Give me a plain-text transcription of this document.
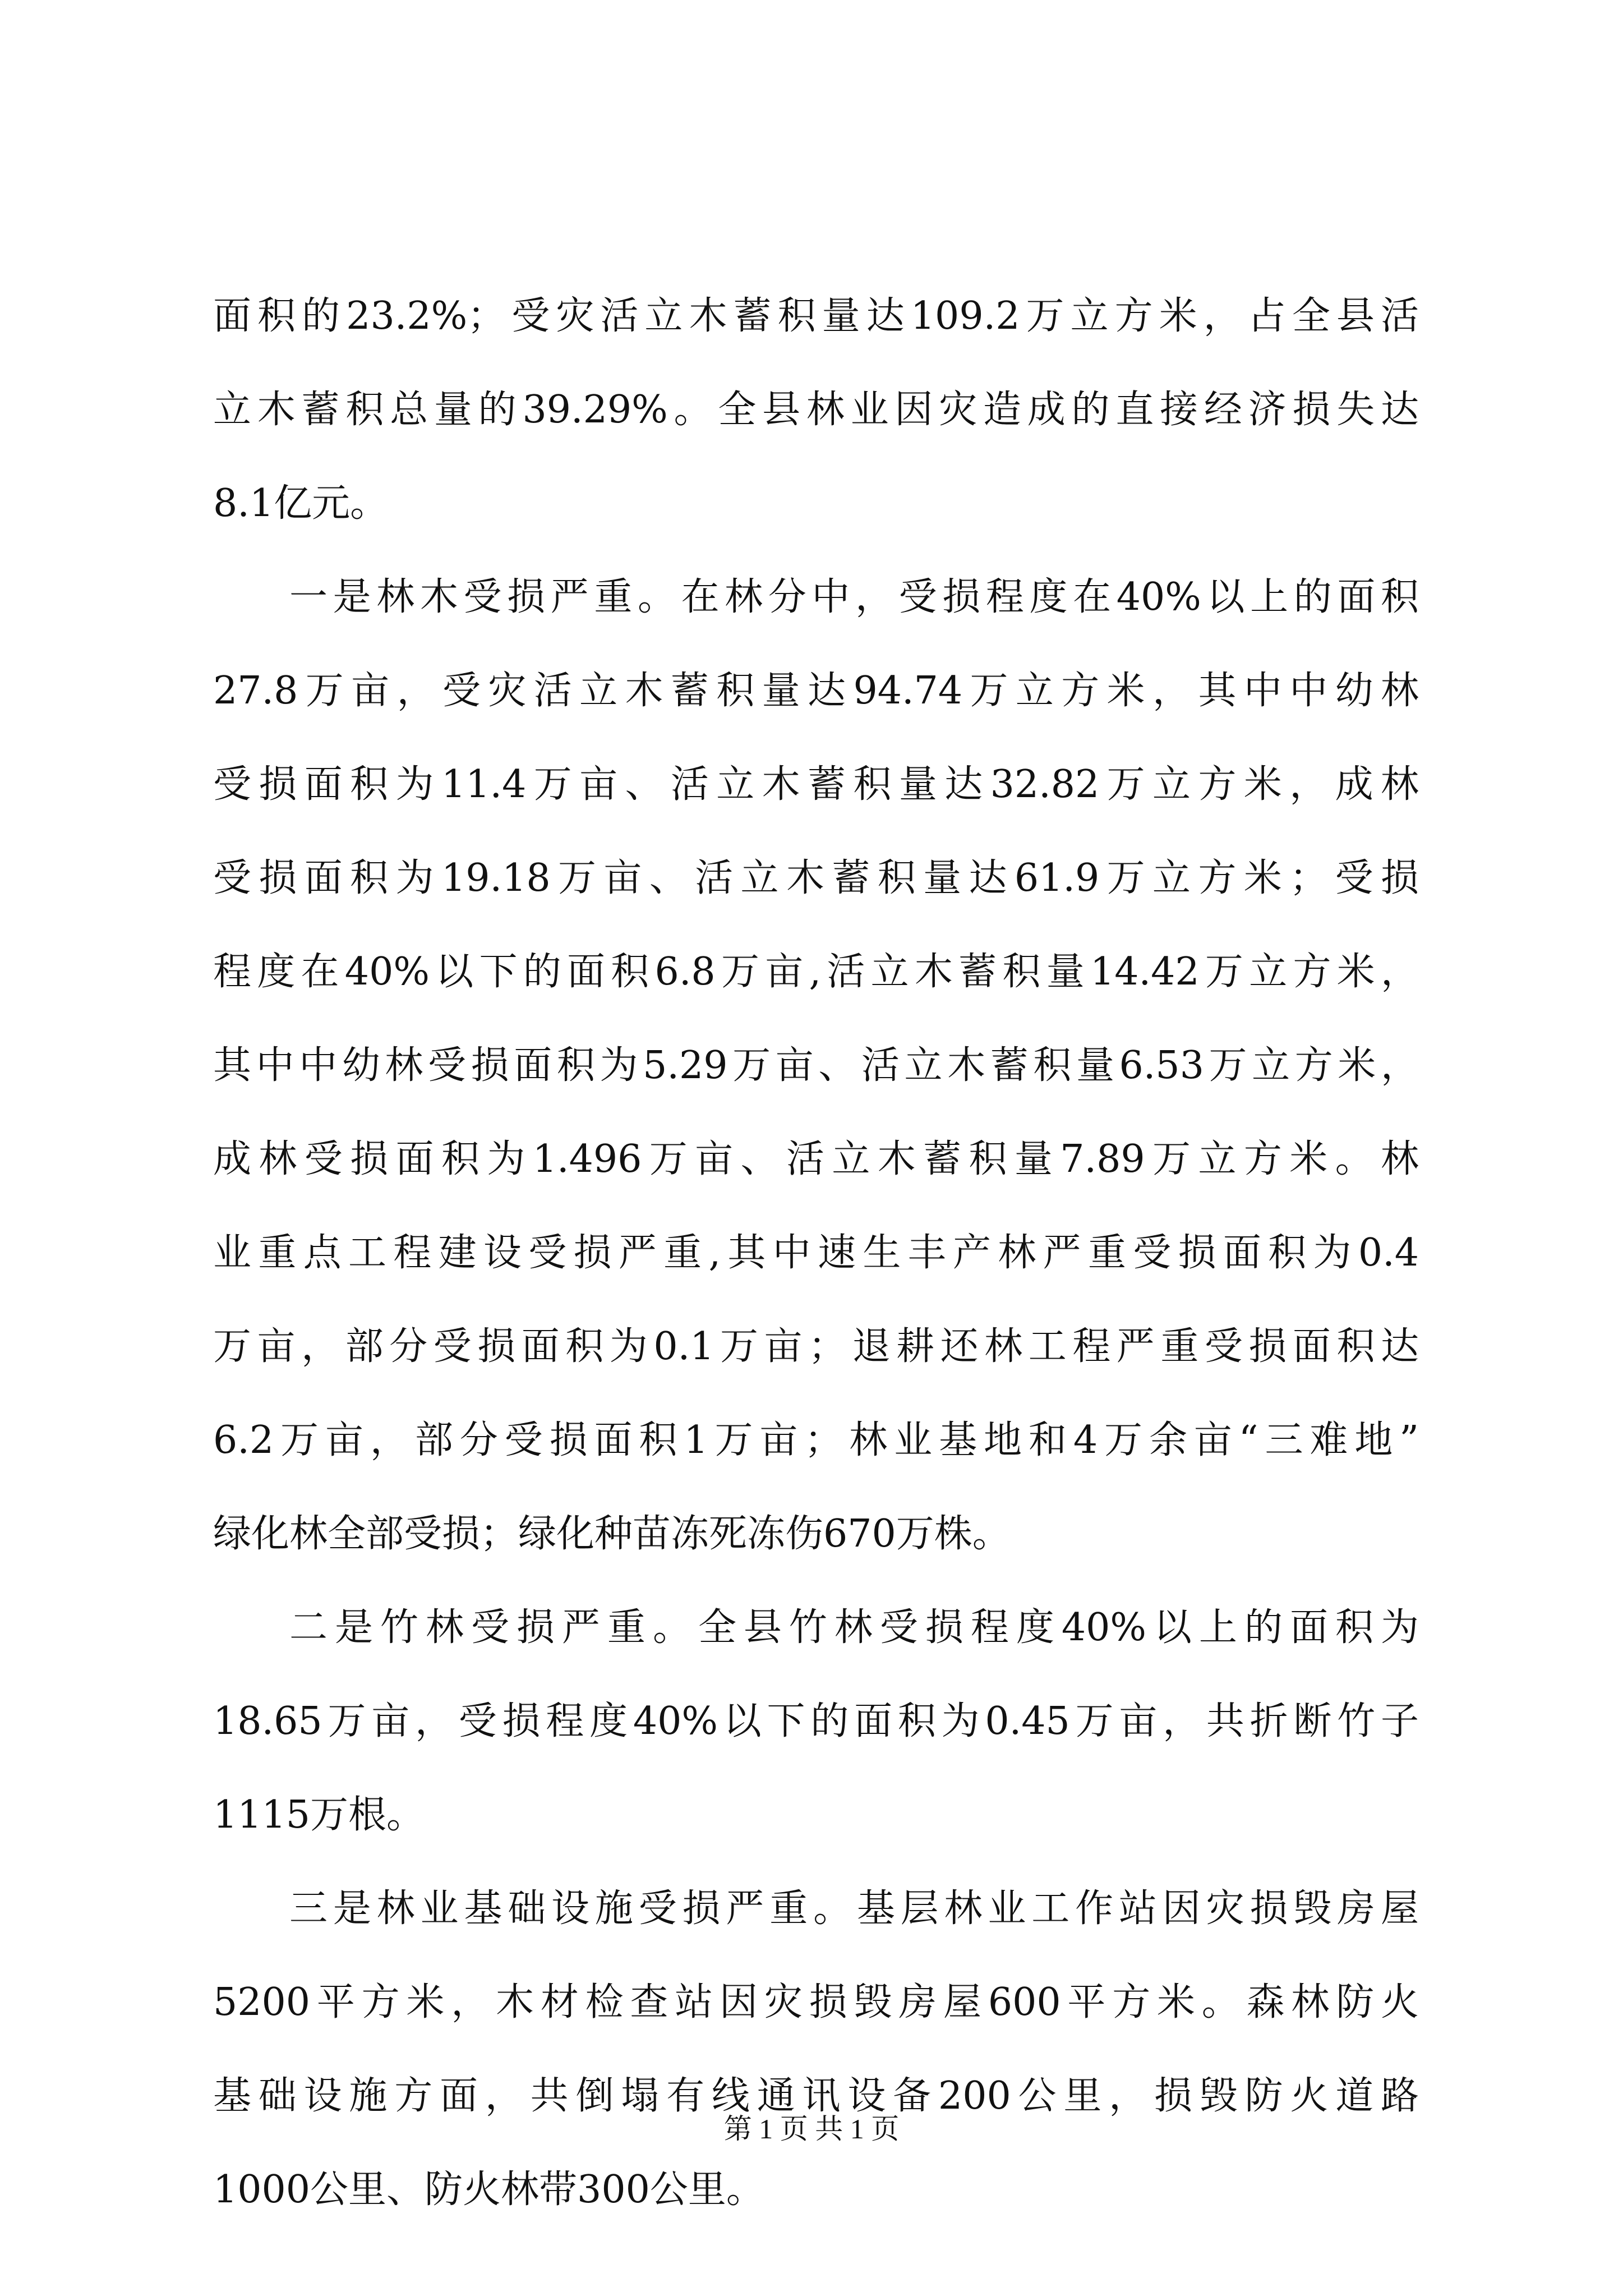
面积的23.2%；受灾活立木蓄积量达109.2万立方米，占全县活
立木蓄积总量的39.29%。全县林业因灾造成的直接经济损失达
8.1亿元。
一是林木受损严重。在林分中，受损程度在40%以上的面积
27.8万亩，受灾活立木蓄积量达94.74万立方米，其中中幼林
受损面积为11.4万亩、活立木蓄积量达32.82万立方米，成林
受损面积为19.18万亩、活立木蓄积量达61.9万立方米；受损
程度在40%以下的面积6.8万亩,活立木蓄积量14.42万立方米，
其中中幼林受损面积为5.29万亩、活立木蓄积量6.53万立方米，
成林受损面积为1.496万亩、活立木蓄积量7.89万立方米。林
业重点工程建设受损严重,其中速生丰产林严重受损面积为0.4
万亩，部分受损面积为0.1万亩；退耕还林工程严重受损面积达
6.2万亩，部分受损面积1万亩；林业基地和4万余亩“三难地”
绿化林全部受损；绿化种苗冻死冻伤670万株。
二是竹林受损严重。全县竹林受损程度40%以上的面积为
18.65万亩，受损程度40%以下的面积为0.45万亩，共折断竹子
1115万根。
三是林业基础设施受损严重。基层林业工作站因灾损毁房屋
5200平方米，木材检查站因灾损毁房屋600平方米。森林防火
基础设施方面，共倒塌有线通讯设备200公里，损毁防火道路
1000公里、防火林带300公里。
第 1 页 共 1 页
